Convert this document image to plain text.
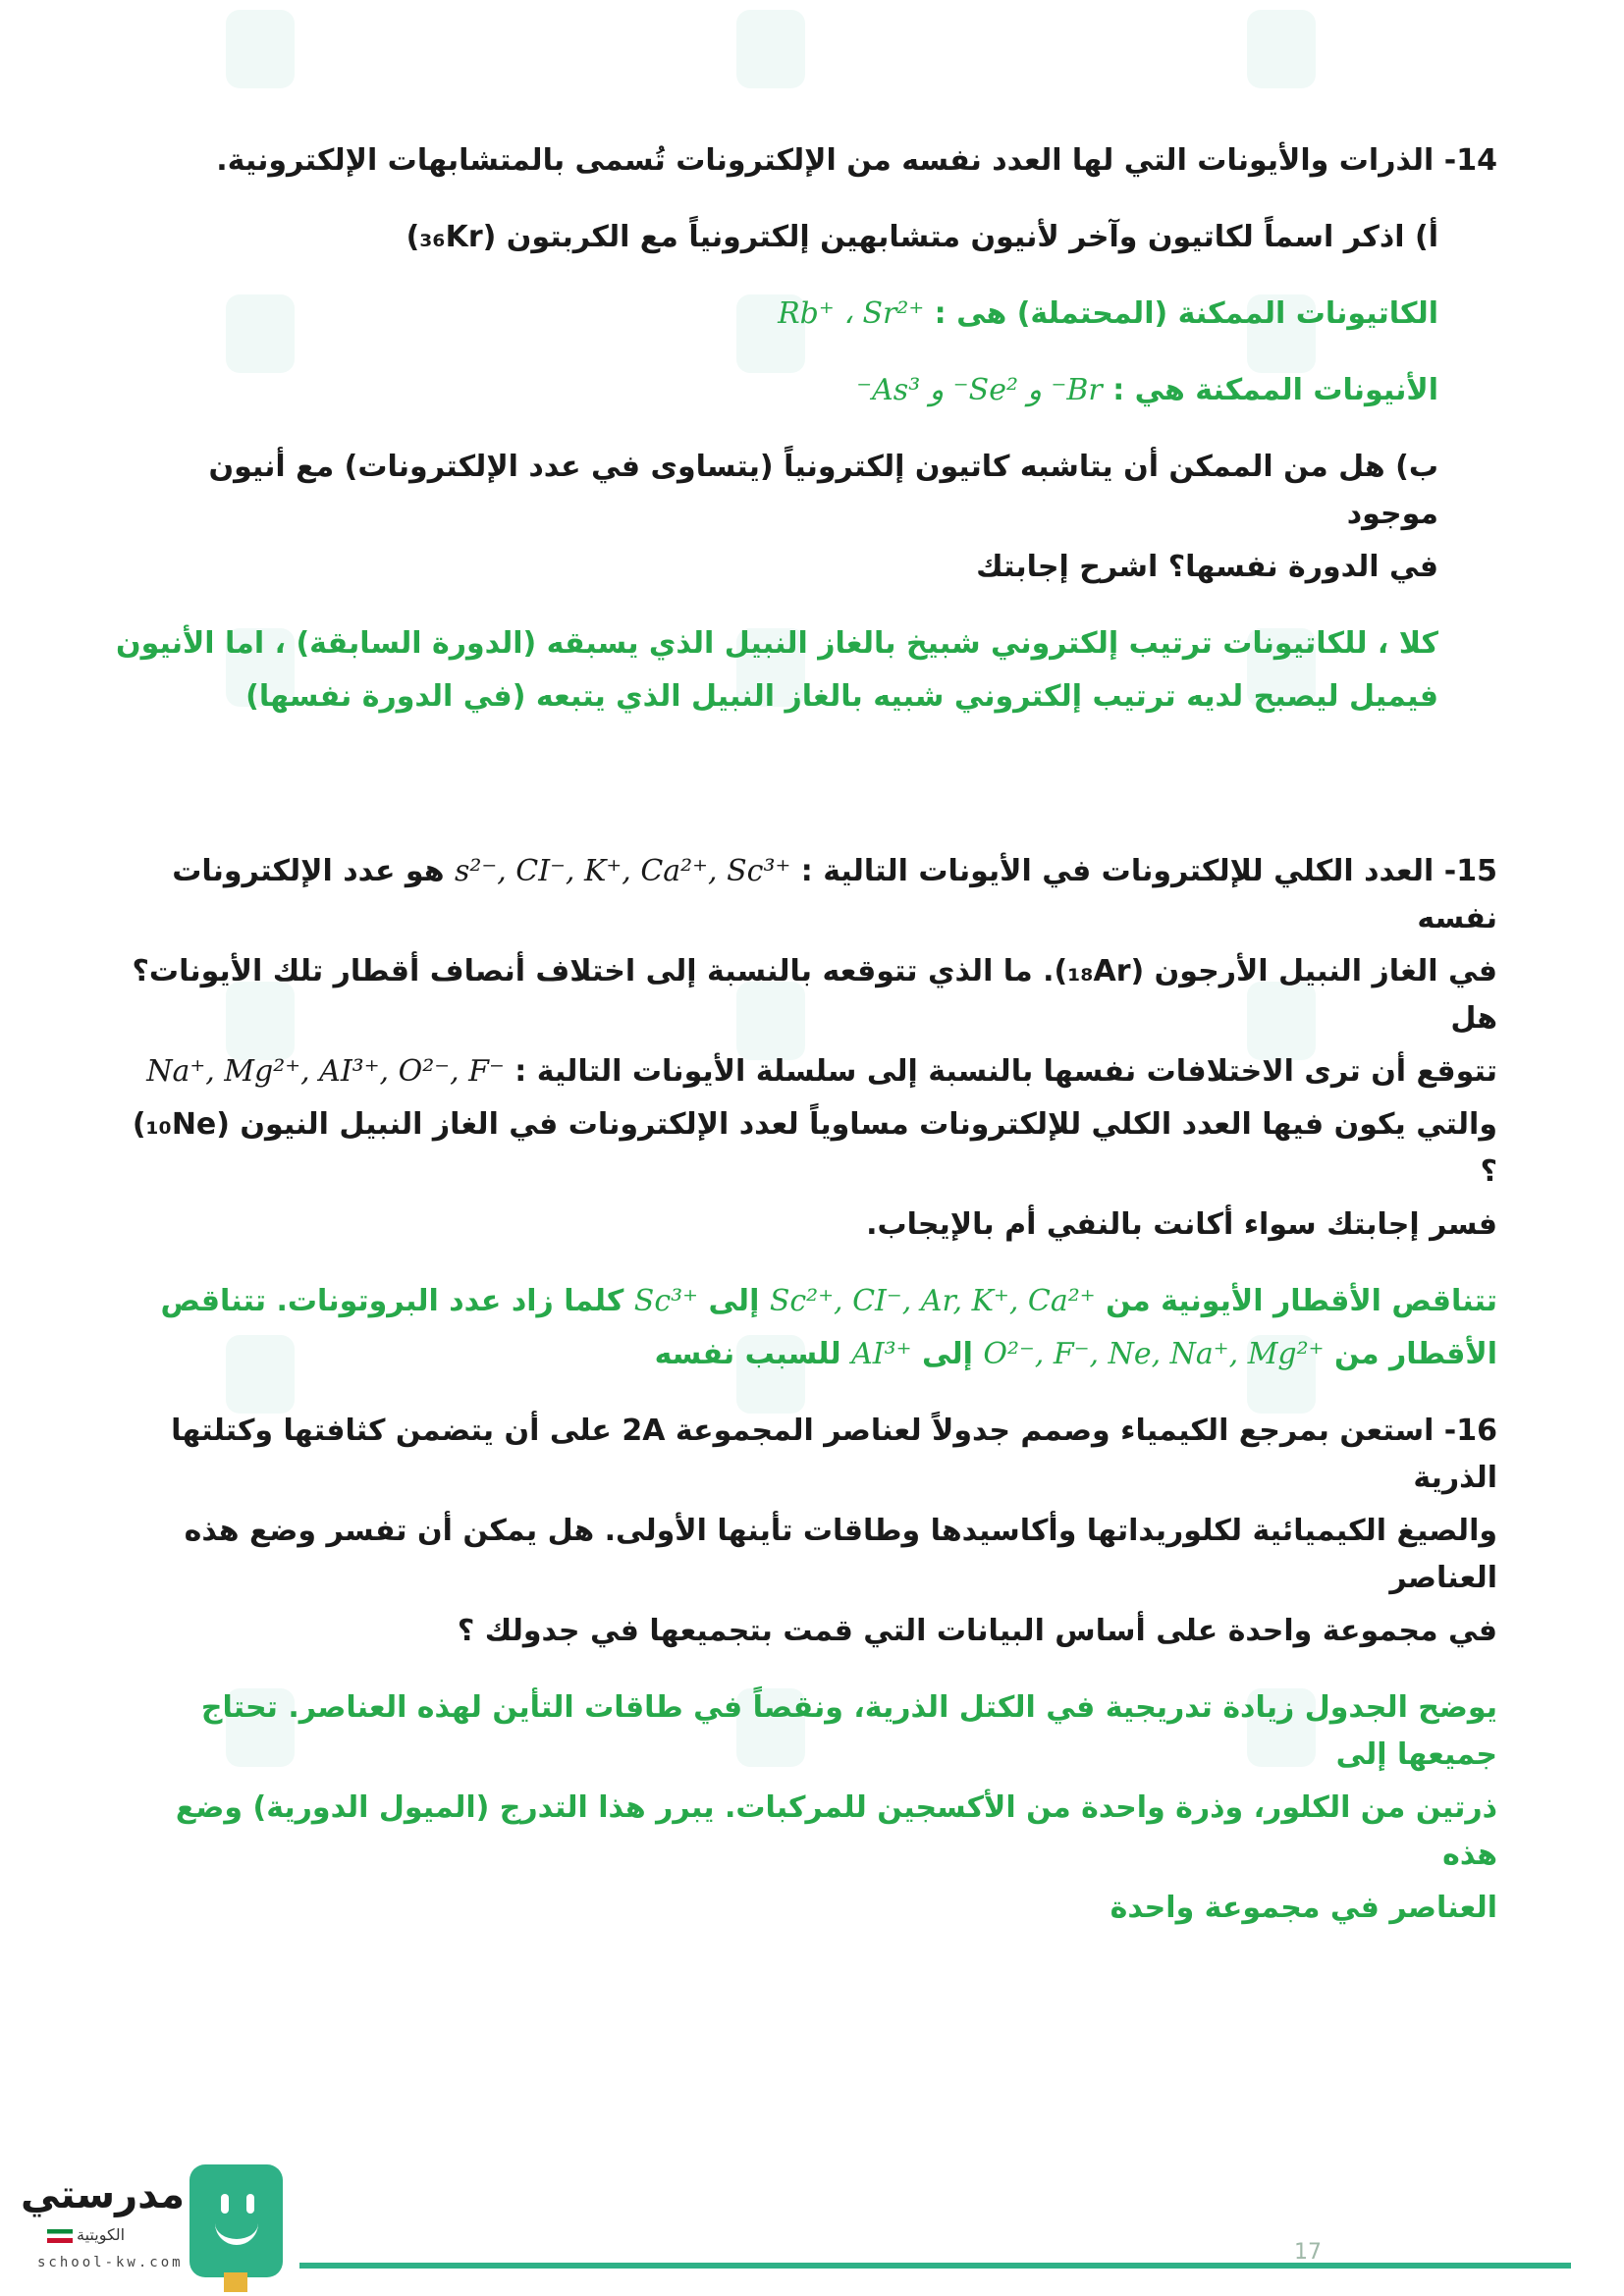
14- الذرات والأيونات التي لها العدد نفسه من الإلكترونات تُسمى بالمتشابهات الإلكترونية.
أ) اذكر اسماً لكاتيون وآخر لأنيون متشابهين إلكترونياً مع الكربتون (₃₆Kr)
الكاتيونات الممكنة (المحتملة) هى : Rb⁺ ، Sr²⁺
الأنيونات الممكنة هي : Br⁻ و Se²⁻ و As³⁻
ب) هل من الممكن أن يتاشبه كاتيون إلكترونياً (يتساوى في عدد الإلكترونات) مع أنيون موجود
في الدورة نفسها؟ اشرح إجابتك
كلا ، للكاتيونات ترتيب إلكتروني شبيخ بالغاز النبيل الذي يسبقه (الدورة السابقة) ، اما الأنيون
فيميل ليصبح لديه ترتيب إلكتروني شبيه بالغاز النبيل الذي يتبعه (في الدورة نفسها)
15- العدد الكلي للإلكترونات في الأيونات التالية : s²⁻, CI⁻, K⁺, Ca²⁺, Sc³⁺ هو عدد الإلكترونات نفسه
في الغاز النبيل الأرجون (₁₈Ar). ما الذي تتوقعه بالنسبة إلى اختلاف أنصاف أقطار تلك الأيونات؟ هل
تتوقع أن ترى الاختلافات نفسها بالنسبة إلى سلسلة الأيونات التالية : Na⁺, Mg²⁺, AI³⁺, O²⁻, F⁻
والتي يكون فيها العدد الكلي للإلكترونات مساوياً لعدد الإلكترونات في الغاز النبيل النيون (₁₀Ne) ؟
فسر إجابتك سواء أكانت بالنفي أم بالإيجاب.
تتناقص الأقطار الأيونية من Sc²⁺, CI⁻, Ar, K⁺, Ca²⁺ إلى Sc³⁺ كلما زاد عدد البروتونات. تتناقص
الأقطار من O²⁻, F⁻, Ne, Na⁺, Mg²⁺ إلى AI³⁺ للسبب نفسه
16- استعن بمرجع الكيمياء وصمم جدولاً لعناصر المجموعة 2A على أن يتضمن كثافتها وكتلتها الذرية
والصيغ الكيميائية لكلوريداتها وأكاسيدها وطاقات تأينها الأولى. هل يمكن أن تفسر وضع هذه العناصر
في مجموعة واحدة على أساس البيانات التي قمت بتجميعها في جدولك ؟
يوضح الجدول زيادة تدريجية في الكتل الذرية، ونقصاً في طاقات التأين لهذه العناصر. تحتاج جميعها إلى
ذرتين من الكلور، وذرة واحدة من الأكسجين للمركبات. يبرر هذا التدرج (الميول الدورية) وضع هذه
العناصر في مجموعة واحدة
مدرستي
الكويتية
school-kw.com	17
